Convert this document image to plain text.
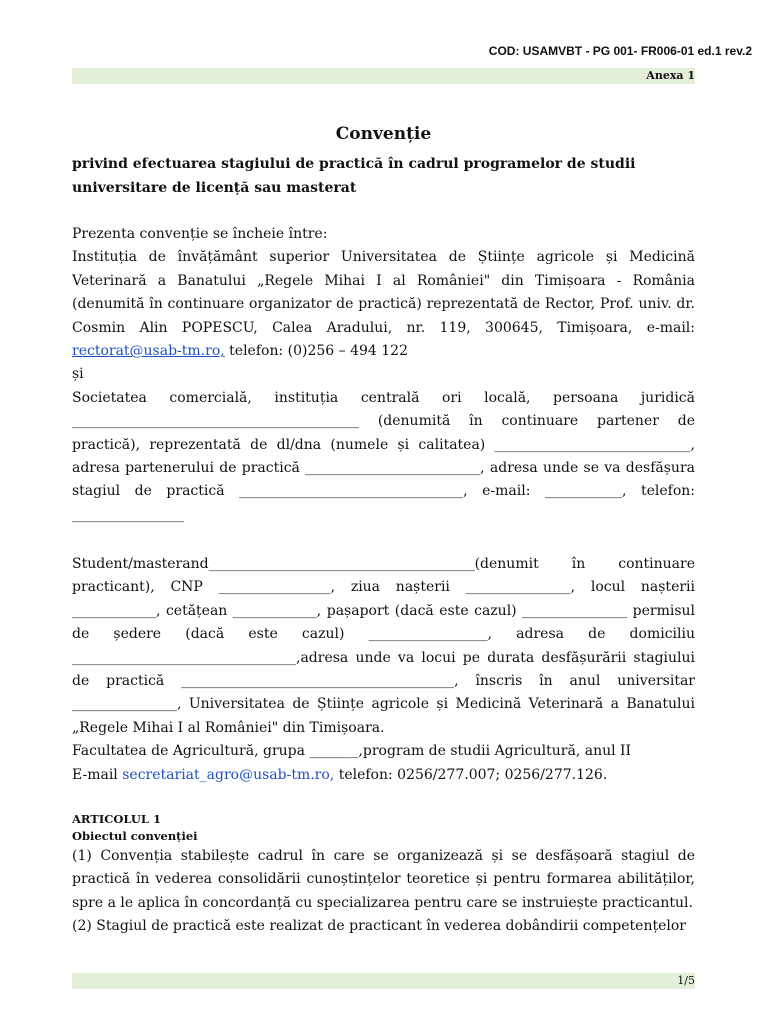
COD: USAMVBT - PG 001- FR006-01 ed.1 rev.2
Anexa 1
Convenție
privind efectuarea stagiului de practică în cadrul programelor de studii universitare de licență sau masterat
Prezenta convenție se încheie între:
Instituția de învățământ superior Universitatea de Științe agricole și Medicină Veterinară a Banatului „Regele Mihai I al României" din Timișoara - România (denumită în continuare organizator de practică) reprezentată de Rector, Prof. univ. dr. Cosmin Alin POPESCU, Calea Aradului, nr. 119, 300645, Timișoara, e-mail: rectorat@usab-tm.ro, telefon: (0)256 – 494 122
și
Societatea comercială, instituția centrală ori locală, persoana juridică _________________________________________ (denumită în continuare partener de practică), reprezentată de dl/dna (numele și calitatea) ____________________________, adresa partenerului de practică _________________________, adresa unde se va desfășura stagiul de practică ________________________________, e-mail: ___________, telefon: ________________
Student/masterand______________________________________(denumit în continuare practicant), CNP ________________, ziua nașterii _______________, locul nașterii ____________, cetățean ____________, pașaport (dacă este cazul) _______________ permisul de ședere (dacă este cazul) _________________, adresa de domiciliu ________________________________,adresa unde va locui pe durata desfășurării stagiului de practică _______________________________________, înscris în anul universitar _______________, Universitatea de Științe agricole și Medicină Veterinară a Banatului „Regele Mihai I al României" din Timișoara.
Facultatea de Agricultură, grupa _______,program de studii Agricultură, anul II
E-mail secretariat_agro@usab-tm.ro, telefon: 0256/277.007; 0256/277.126.
ARTICOLUL 1
Obiectul convenției
(1) Convenția stabilește cadrul în care se organizează și se desfășoară stagiul de practică în vederea consolidării cunoștințelor teoretice și pentru formarea abilităților, spre a le aplica în concordanță cu specializarea pentru care se instruiește practicantul.
(2) Stagiul de practică este realizat de practicant în vederea dobândirii competențelor
1/5
